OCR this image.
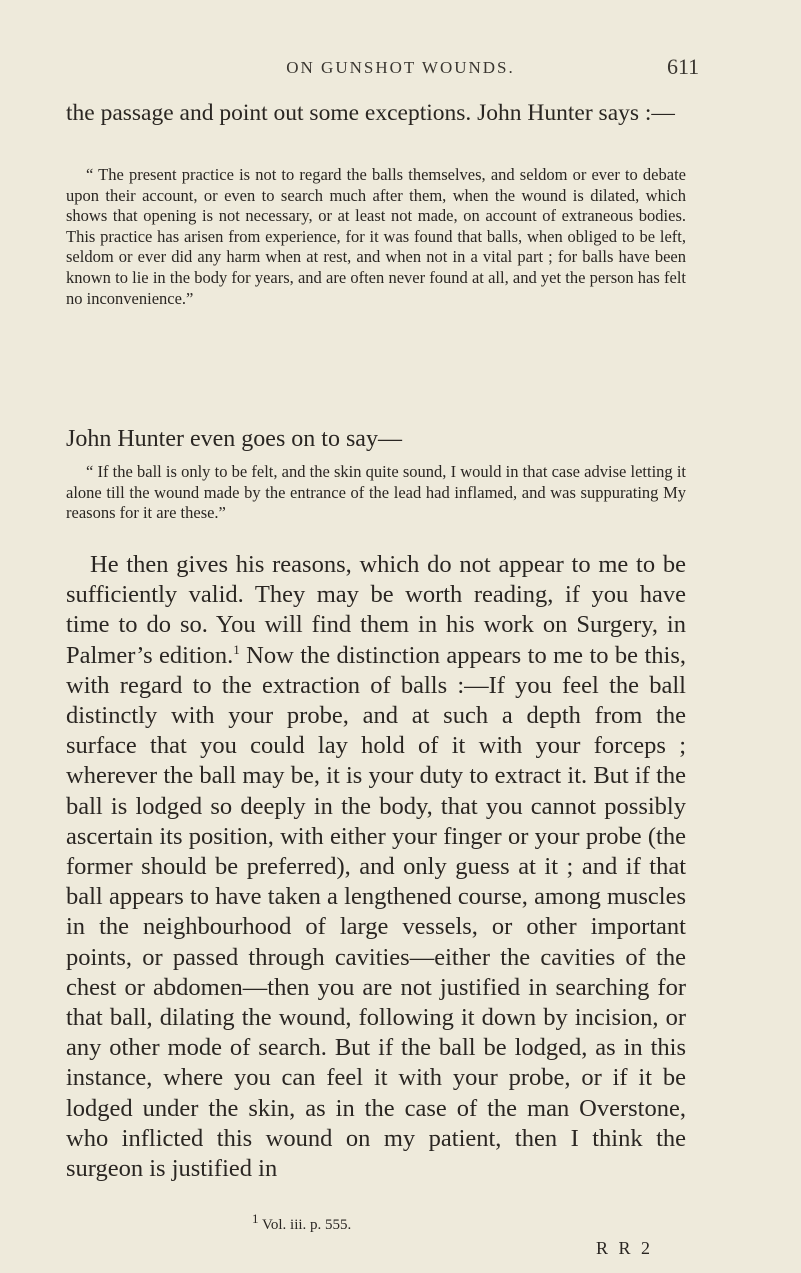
ON GUNSHOT WOUNDS.	611
the passage and point out some exceptions. John Hunter says :—

“ The present practice is not to regard the balls themselves, and seldom or ever to debate upon their account, or even to search much after them, when the wound is dilated, which shows that opening is not necessary, or at least not made, on account of extraneous bodies. This practice has arisen from experience, for it was found that balls, when obliged to be left, seldom or ever did any harm when at rest, and when not in a vital part ; for balls have been known to lie in the body for years, and are often never found at all, and yet the person has felt no inconvenience.”

John Hunter even goes on to say—

“ If the ball is only to be felt, and the skin quite sound, I would in that case advise letting it alone till the wound made by the entrance of the lead had inflamed, and was suppurating My reasons for it are these.”

He then gives his reasons, which do not appear to me to be sufficiently valid. They may be worth reading, if you have time to do so. You will find them in his work on Surgery, in Palmer’s edition.$^1$ Now the distinction appears to me to be this, with regard to the extraction of balls :—If you feel the ball distinctly with your probe, and at such a depth from the surface that you could lay hold of it with your forceps ; wherever the ball may be, it is your duty to extract it. But if the ball is lodged so deeply in the body, that you cannot possibly ascertain its position, with either your finger or your probe (the former should be preferred), and only guess at it ; and if that ball appears to have taken a lengthened course, among muscles in the neighbourhood of large vessels, or other important points, or passed through cavities—either the cavities of the chest or abdomen—then you are not justified in searching for that ball, dilating the wound, following it down by incision, or any other mode of search. But if the ball be lodged, as in this instance, where you can feel it with your probe, or if it be lodged under the skin, as in the case of the man Overstone, who inflicted this wound on my patient, then I think the surgeon is justified in

$^1$ Vol. iii. p. 555.
R R 2
